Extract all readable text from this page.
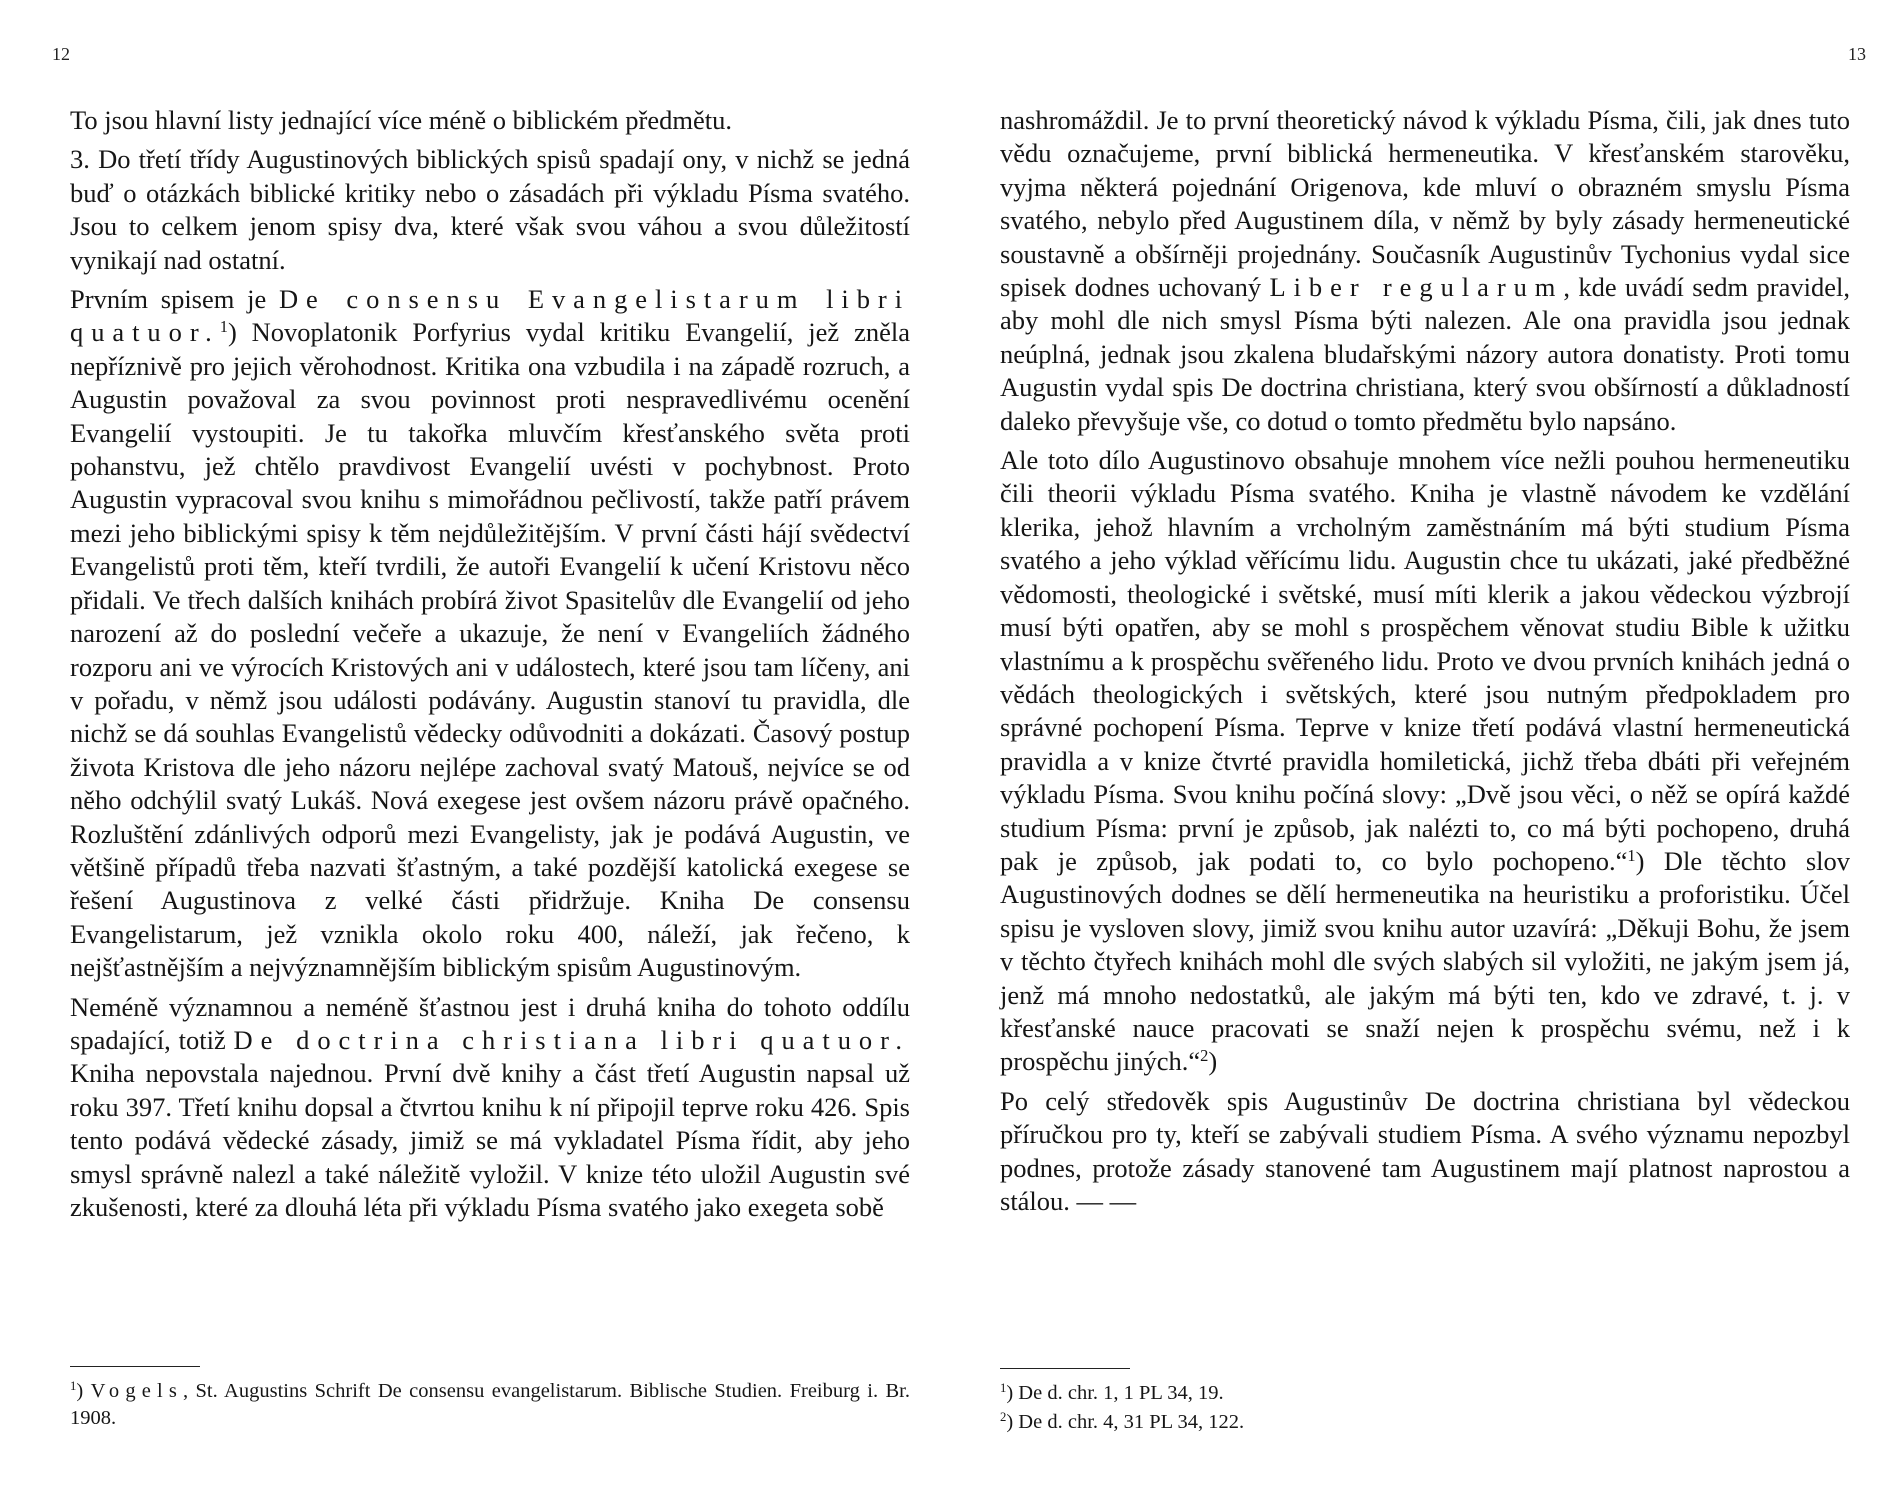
12

To jsou hlavní listy jednající více méně o biblickém předmětu.

3. Do třetí třídy Augustinových biblických spisů spadají ony, v nichž se jedná buď o otázkách biblické kritiky nebo o zásadách při výkladu Písma svatého. Jsou to celkem jenom spisy dva, které však svou váhou a svou důležitostí vynikají nad ostatní.

Prvním spisem je De consensu Evangelistarum libri quatuor.$^1$) Novoplatonik Porfyrius vydal kritiku Evangelií, jež zněla nepříznivě pro jejich věrohodnost. Kritika ona vzbudila i na západě rozruch, a Augustin považoval za svou povinnost proti nespravedlivému ocenění Evangelií vystoupiti. Je tu takořka mluvčím křesťanského světa proti pohanstvu, jež chtělo pravdivost Evangelií uvésti v pochybnost. Proto Augustin vypracoval svou knihu s mimořádnou pečlivostí, takže patří právem mezi jeho biblickými spisy k těm nejdůležitějším. V první části hájí svědectví Evangelistů proti těm, kteří tvrdili, že autoři Evangelií k učení Kristovu něco přidali. Ve třech dalších knihách probírá život Spasitelův dle Evangelií od jeho narození až do poslední večeře a ukazuje, že není v Evangeliích žádného rozporu ani ve výrocích Kristových ani v událostech, které jsou tam líčeny, ani v pořadu, v němž jsou události podávány. Augustin stanoví tu pravidla, dle nichž se dá souhlas Evangelistů vědecky odůvodniti a dokázati. Časový postup života Kristova dle jeho názoru nejlépe zachoval svatý Matouš, nejvíce se od něho odchýlil svatý Lukáš. Nová exegese jest ovšem názoru právě opačného. Rozluštění zdánlivých odporů mezi Evangelisty, jak je podává Augustin, ve většině případů třeba nazvati šťastným, a také pozdější katolická exegese se řešení Augustinova z velké části přidržuje. Kniha De consensu Evangelistarum, jež vznikla okolo roku 400, náleží, jak řečeno, k nejšťastnějším a nejvýznamnějším biblickým spisům Augustinovým.

Neméně významnou a neméně šťastnou jest i druhá kniha do tohoto oddílu spadající, totiž De doctrina christiana libri quatuor. Kniha nepovstala najednou. První dvě knihy a část třetí Augustin napsal už roku 397. Třetí knihu dopsal a čtvrtou knihu k ní připojil teprve roku 426. Spis tento podává vědecké zásady, jimiž se má vykladatel Písma řídit, aby jeho smysl správně nalezl a také náležitě vyložil. V knize této uložil Augustin své zkušenosti, které za dlouhá léta při výkladu Písma svatého jako exegeta sobě

$^1$) Vogels, St. Augustins Schrift De consensu evangelistarum. Biblische Studien. Freiburg i. Br. 1908.

13

nashromáždil. Je to první theoretický návod k výkladu Písma, čili, jak dnes tuto vědu označujeme, první biblická hermeneutika. V křesťanském starověku, vyjma některá pojednání Origenova, kde mluví o obrazném smyslu Písma svatého, nebylo před Augustinem díla, v němž by byly zásady hermeneutické soustavně a obšírněji projednány. Současník Augustinův Tychonius vydal sice spisek dodnes uchovaný Liber regularum, kde uvádí sedm pravidel, aby mohl dle nich smysl Písma býti nalezen. Ale ona pravidla jsou jednak neúplná, jednak jsou zkalena bludařskými názory autora donatisty. Proti tomu Augustin vydal spis De doctrina christiana, který svou obšírností a důkladností daleko převyšuje vše, co dotud o tomto předmětu bylo napsáno.

Ale toto dílo Augustinovo obsahuje mnohem více nežli pouhou hermeneutiku čili theorii výkladu Písma svatého. Kniha je vlastně návodem ke vzdělání klerika, jehož hlavním a vrcholným zaměstnáním má býti studium Písma svatého a jeho výklad věřícímu lidu. Augustin chce tu ukázati, jaké předběžné vědomosti, theologické i světské, musí míti klerik a jakou vědeckou výzbrojí musí býti opatřen, aby se mohl s prospěchem věnovat studiu Bible k užitku vlastnímu a k prospěchu svěřeného lidu. Proto ve dvou prvních knihách jedná o vědách theologických i světských, které jsou nutným předpokladem pro správné pochopení Písma. Teprve v knize třetí podává vlastní hermeneutická pravidla a v knize čtvrté pravidla homiletická, jichž třeba dbáti při veřejném výkladu Písma. Svou knihu počíná slovy: „Dvě jsou věci, o něž se opírá každé studium Písma: první je způsob, jak nalézti to, co má býti pochopeno, druhá pak je způsob, jak podati to, co bylo pochopeno.“$^1$) Dle těchto slov Augustinových dodnes se dělí hermeneutika na heuristiku a proforistiku. Účel spisu je vysloven slovy, jimiž svou knihu autor uzavírá: „Děkuji Bohu, že jsem v těchto čtyřech knihách mohl dle svých slabých sil vyložiti, ne jakým jsem já, jenž má mnoho nedostatků, ale jakým má býti ten, kdo ve zdravé, t. j. v křesťanské nauce pracovati se snaží nejen k prospěchu svému, než i k prospěchu jiných.“$^2$)

Po celý středověk spis Augustinův De doctrina christiana byl vědeckou příručkou pro ty, kteří se zabývali studiem Písma. A svého významu nepozbyl podnes, protože zásady stanovené tam Augustinem mají platnost naprostou a stálou. — —

$^1$) De d. chr. 1, 1 PL 34, 19.

$^2$) De d. chr. 4, 31 PL 34, 122.
